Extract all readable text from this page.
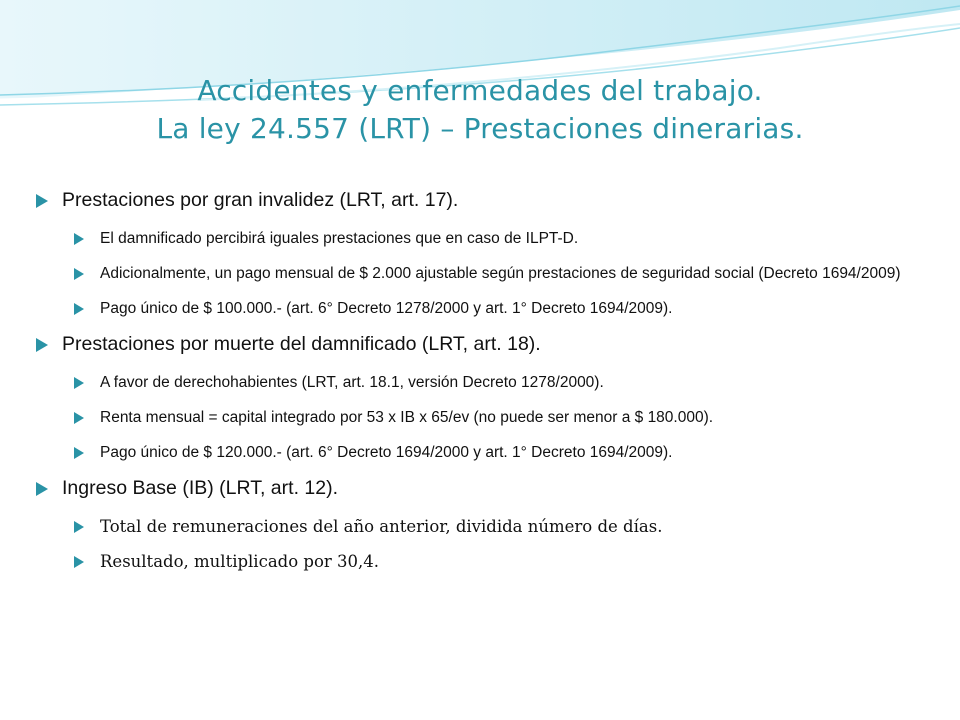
Accidentes y enfermedades del trabajo.
La ley 24.557 (LRT) – Prestaciones dinerarias.
Prestaciones por gran invalidez (LRT, art. 17).
El damnificado percibirá iguales prestaciones que en caso de ILPT-D.
Adicionalmente, un pago mensual de $ 2.000 ajustable según prestaciones de seguridad social (Decreto 1694/2009)
Pago único de $ 100.000.- (art. 6° Decreto 1278/2000 y art. 1° Decreto 1694/2009).
Prestaciones por muerte del damnificado (LRT, art. 18).
A favor de derechohabientes (LRT, art. 18.1, versión Decreto 1278/2000).
Renta mensual = capital integrado por 53 x IB x 65/ev (no puede ser menor a $ 180.000).
Pago único de $ 120.000.- (art. 6° Decreto 1694/2000 y art. 1° Decreto 1694/2009).
Ingreso Base (IB) (LRT, art. 12).
Total de remuneraciones del año anterior, dividida número de días.
Resultado, multiplicado por 30,4.
